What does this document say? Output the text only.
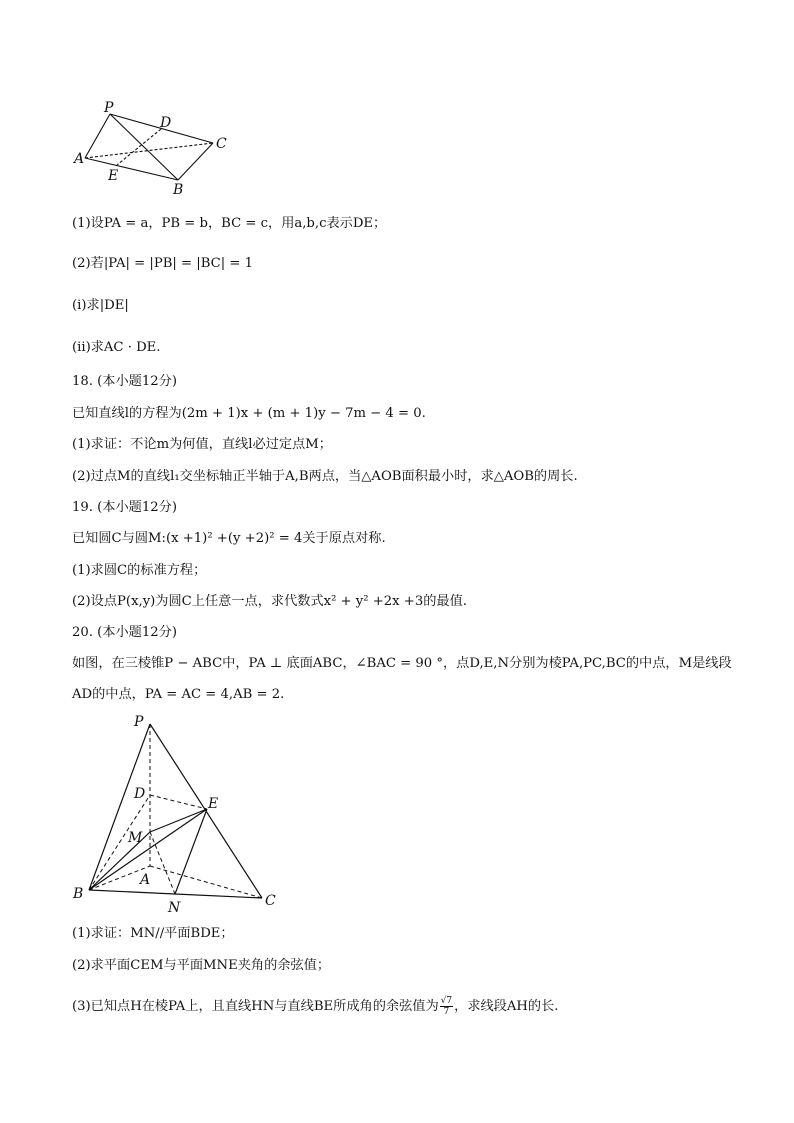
P
D
C
A
E
B
(1)设PA = a，PB = b，BC = c，用a,b,c表示DE；
(2)若|PA| = |PB| = |BC| = 1
(i)求|DE|
(ii)求AC · DE.
18. (本小题12分)
已知直线l的方程为(2m + 1)x + (m + 1)y − 7m − 4 = 0.
(1)求证：不论m为何值，直线l必过定点M；
(2)过点M的直线l₁交坐标轴正半轴于A,B两点，当△AOB面积最小时，求△AOB的周长.
19. (本小题12分)
已知圆C与圆M:(x +1)² +(y +2)² = 4关于原点对称.
(1)求圆C的标准方程；
(2)设点P(x,y)为圆C上任意一点，求代数式x² + y² +2x +3的最值.
20. (本小题12分)
如图，在三棱锥P − ABC中，PA ⊥ 底面ABC，∠BAC = 90 °，点D,E,N分别为棱PA,PC,BC的中点，M是线段
AD的中点，PA = AC = 4,AB = 2.
P
D
E
M
A
B
N	C
(1)求证：MN//平面BDE；
(2)求平面CEM与平面MNE夹角的余弦值；
(3)已知点H在棱PA上，且直线HN与直线BE所成角的余弦值为 $\frac{√7}{7}$ ，求线段AH的长.
